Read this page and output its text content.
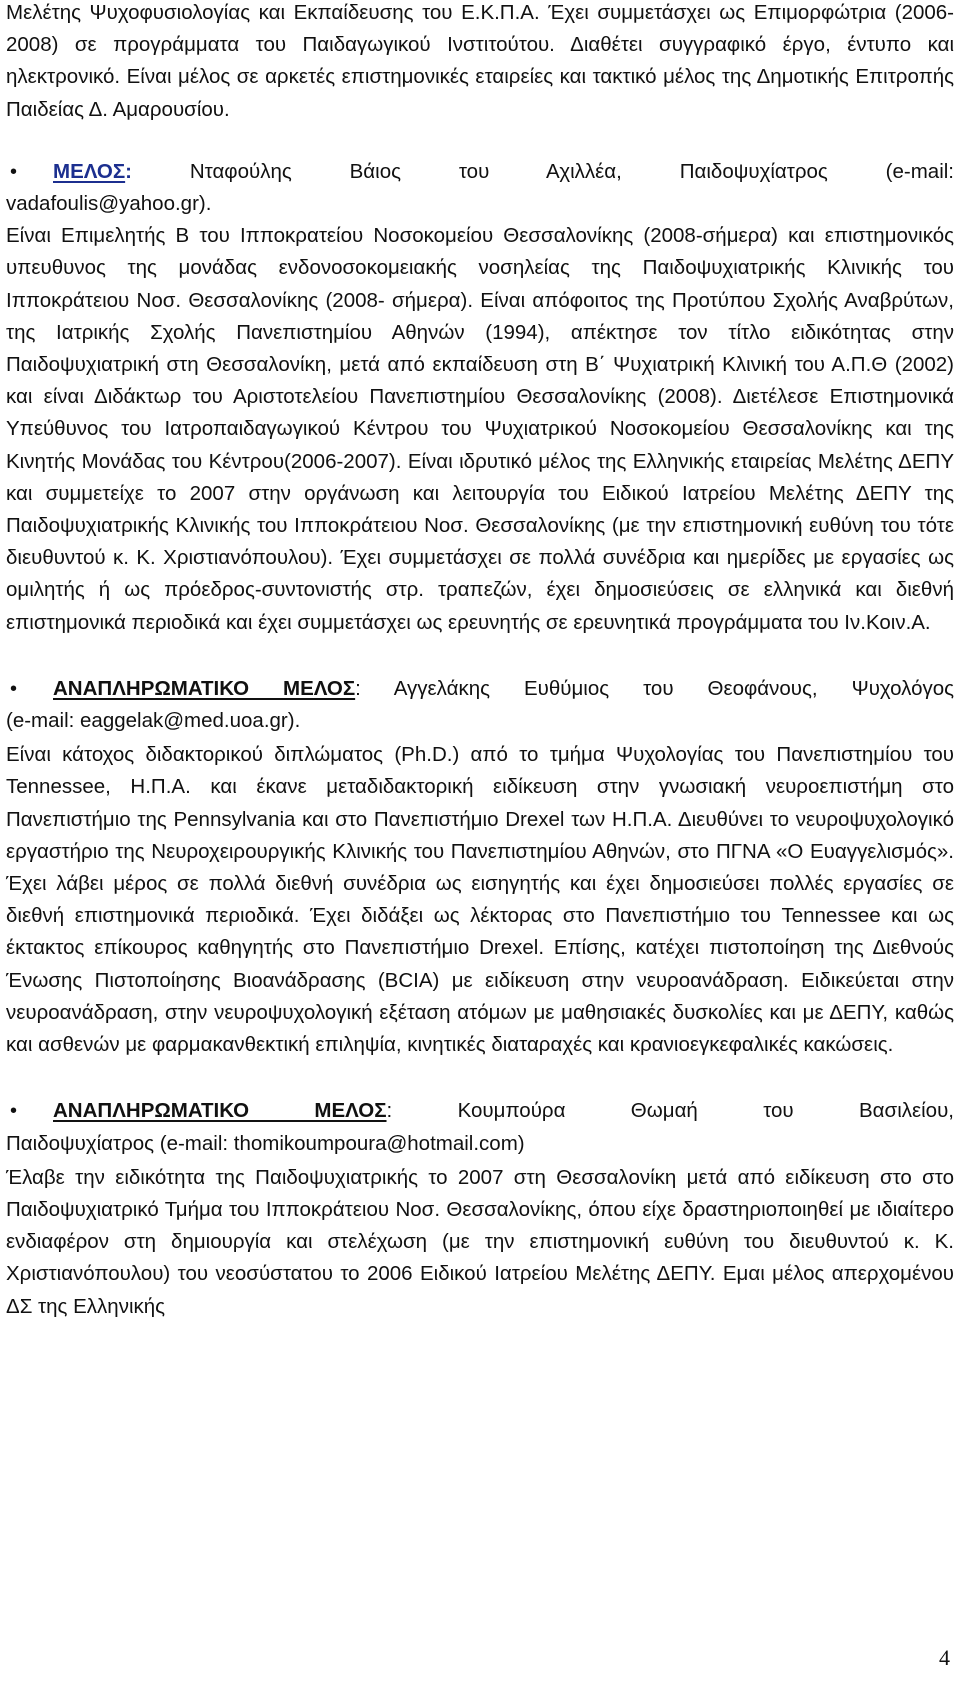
Μελέτης Ψυχοφυσιολογίας και Εκπαίδευσης του Ε.Κ.Π.Α. Έχει συμμετάσχει ως Επιμορφώτρια (2006-2008) σε προγράμματα του Παιδαγωγικού Ινστιτούτου. Διαθέτει συγγραφικό έργο, έντυπο και ηλεκτρονικό. Είναι μέλος σε αρκετές επιστημονικές εταιρείες και τακτικό μέλος της Δημοτικής Επιτροπής Παιδείας Δ. Αμαρουσίου.

• ΜΕΛΟΣ: Νταφούλης Βάιος του Αχιλλέα, Παιδοψυχίατρος (e-mail:

vadafoulis@yahoo.gr).

Είναι Επιμελητής Β του Ιπποκρατείου Νοσοκομείου Θεσσαλονίκης (2008-σήμερα) και επιστημονικός υπευθυνος της μονάδας ενδονοσοκομειακής νοσηλείας της Παιδοψυχιατρικής Κλινικής του Ιπποκράτειου Νοσ. Θεσσαλονίκης (2008- σήμερα). Είναι απόφοιτος της Προτύπου Σχολής Αναβρύτων, της Ιατρικής Σχολής Πανεπιστημίου Αθηνών (1994), απέκτησε τον τίτλο ειδικότητας στην Παιδοψυχιατρική στη Θεσσαλονίκη, μετά από εκπαίδευση στη Β΄ Ψυχιατρική Κλινική του Α.Π.Θ (2002) και είναι Διδάκτωρ του Αριστοτελείου Πανεπιστημίου Θεσσαλονίκης (2008). Διετέλεσε Επιστημονικά Υπεύθυνος του Ιατροπαιδαγωγικού Κέντρου του Ψυχιατρικού Νοσοκομείου Θεσσαλονίκης και της Κινητής Μονάδας του Κέντρου(2006-2007). Είναι ιδρυτικό μέλος της Ελληνικής εταιρείας Μελέτης ΔΕΠΥ και συμμετείχε το 2007 στην οργάνωση και λειτουργία του Ειδικού Ιατρείου Μελέτης ΔΕΠΥ της Παιδοψυχιατρικής Κλινικής του Ιπποκράτειου Νοσ. Θεσσαλονίκης (με την επιστημονική ευθύνη του τότε διευθυντού κ. Κ. Χριστιανόπουλου). Έχει συμμετάσχει σε πολλά συνέδρια και ημερίδες με εργασίες ως ομιλητής ή ως πρόεδρος-συντονιστής στρ. τραπεζών, έχει δημοσιεύσεις σε ελληνικά και διεθνή επιστημονικά περιοδικά και έχει συμμετάσχει ως ερευνητής σε ερευνητικά προγράμματα του Ιν.Κοιν.Α.

• ΑΝΑΠΛΗΡΩΜΑΤΙΚΟ ΜΕΛΟΣ: Αγγελάκης Ευθύμιος του Θεοφάνους, Ψυχολόγος

(e-mail: eaggelak@med.uoa.gr).

Είναι κάτοχος διδακτορικού διπλώματος (Ph.D.) από το τμήμα Ψυχολογίας του Πανεπιστημίου του Tennessee, Η.Π.Α. και έκανε μεταδιδακτορική ειδίκευση στην γνωσιακή νευροεπιστήμη στο Πανεπιστήμιο της Pennsylvania και στο Πανεπιστήμιο Drexel των Η.Π.Α. Διευθύνει το νευροψυχολογικό εργαστήριο της Νευροχειρουργικής Κλινικής του Πανεπιστημίου Αθηνών, στο ΠΓΝΑ «Ο Ευαγγελισμός». Έχει λάβει μέρος σε πολλά διεθνή συνέδρια ως εισηγητής και έχει δημοσιεύσει πολλές εργασίες σε διεθνή επιστημονικά περιοδικά. Έχει διδάξει ως λέκτορας στο Πανεπιστήμιο του Tennessee και ως έκτακτος επίκουρος καθηγητής στο Πανεπιστήμιο Drexel. Επίσης, κατέχει πιστοποίηση της Διεθνούς Ένωσης Πιστοποίησης Βιοανάδρασης (BCIA) με ειδίκευση στην νευροανάδραση. Ειδικεύεται στην νευροανάδραση, στην νευροψυχολογική εξέταση ατόμων με μαθησιακές δυσκολίες και με ΔΕΠΥ, καθώς και ασθενών με φαρμακανθεκτική επιληψία, κινητικές διαταραχές και κρανιοεγκεφαλικές κακώσεις.

• ΑΝΑΠΛΗΡΩΜΑΤΙΚΟ ΜΕΛΟΣ: Κουμπούρα Θωμαή του Βασιλείου,

Παιδοψυχίατρος (e-mail: thomikoumpoura@hotmail.com)

Έλαβε την ειδικότητα της Παιδοψυχιατρικής το 2007 στη Θεσσαλονίκη μετά από ειδίκευση στο στο Παιδοψυχιατρικό Τμήμα του Ιπποκράτειου Νοσ. Θεσσαλονίκης, όπου είχε δραστηριοποιηθεί με ιδιαίτερο ενδιαφέρον στη δημιουργία και στελέχωση (με την επιστημονική ευθύνη του διευθυντού κ. Κ. Χριστιανόπουλου) του νεοσύστατου το 2006 Ειδικού Ιατρείου Μελέτης ΔΕΠΥ. Εμαι μέλος απερχομένου ΔΣ της Ελληνικής

4
